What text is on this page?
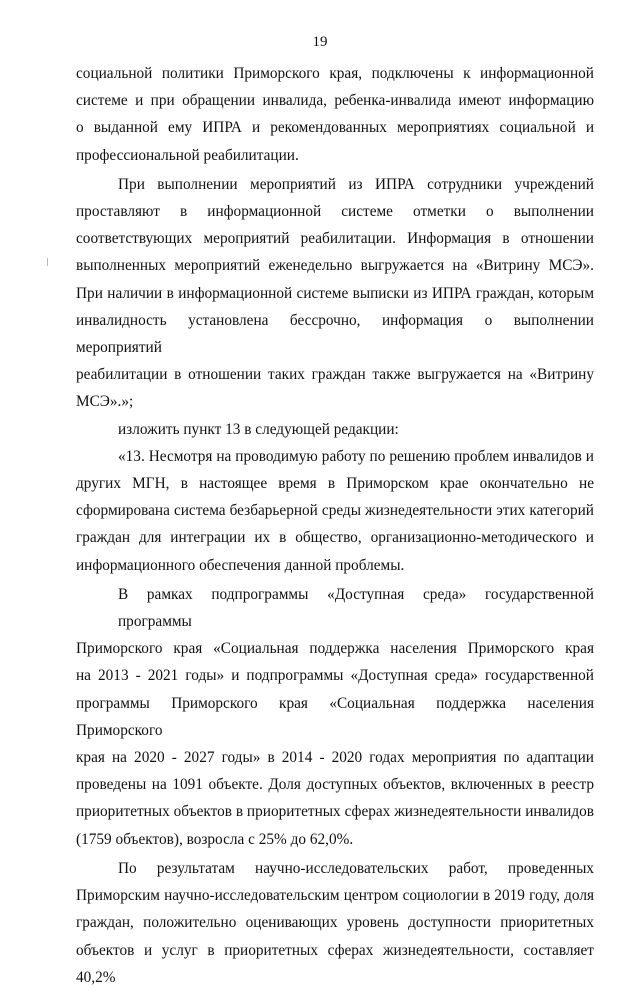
19
социальной политики Приморского края, подключены к информационной
системе и при обращении инвалида, ребенка-инвалида имеют информацию
о выданной ему ИПРА и рекомендованных мероприятиях социальной и
профессиональной реабилитации.
При выполнении мероприятий из ИПРА сотрудники учреждений
проставляют в информационной системе отметки о выполнении
соответствующих мероприятий реабилитации. Информация в отношении
выполненных мероприятий еженедельно выгружается на «Витрину МСЭ».
При наличии в информационной системе выписки из ИПРА граждан, которым
инвалидность установлена бессрочно, информация о выполнении мероприятий
реабилитации в отношении таких граждан также выгружается на «Витрину
МСЭ».»;
изложить пункт 13 в следующей редакции:
«13. Несмотря на проводимую работу по решению проблем инвалидов и
других МГН, в настоящее время в Приморском крае окончательно не
сформирована система безбарьерной среды жизнедеятельности этих категорий
граждан для интеграции их в общество, организационно-методического и
информационного обеспечения данной проблемы.
В рамках подпрограммы «Доступная среда» государственной программы
Приморского края «Социальная поддержка населения Приморского края
на 2013 - 2021 годы» и подпрограммы «Доступная среда» государственной
программы Приморского края «Социальная поддержка населения Приморского
края на 2020 - 2027 годы» в 2014 - 2020 годах мероприятия по адаптации
проведены на 1091 объекте. Доля доступных объектов, включенных в реестр
приоритетных объектов в приоритетных сферах жизнедеятельности инвалидов
(1759 объектов), возросла с 25% до 62,0%.
По результатам научно-исследовательских работ, проведенных
Приморским научно-исследовательским центром социологии в 2019 году, доля
граждан, положительно оценивающих уровень доступности приоритетных
объектов и услуг в приоритетных сферах жизнедеятельности, составляет 40,2%
